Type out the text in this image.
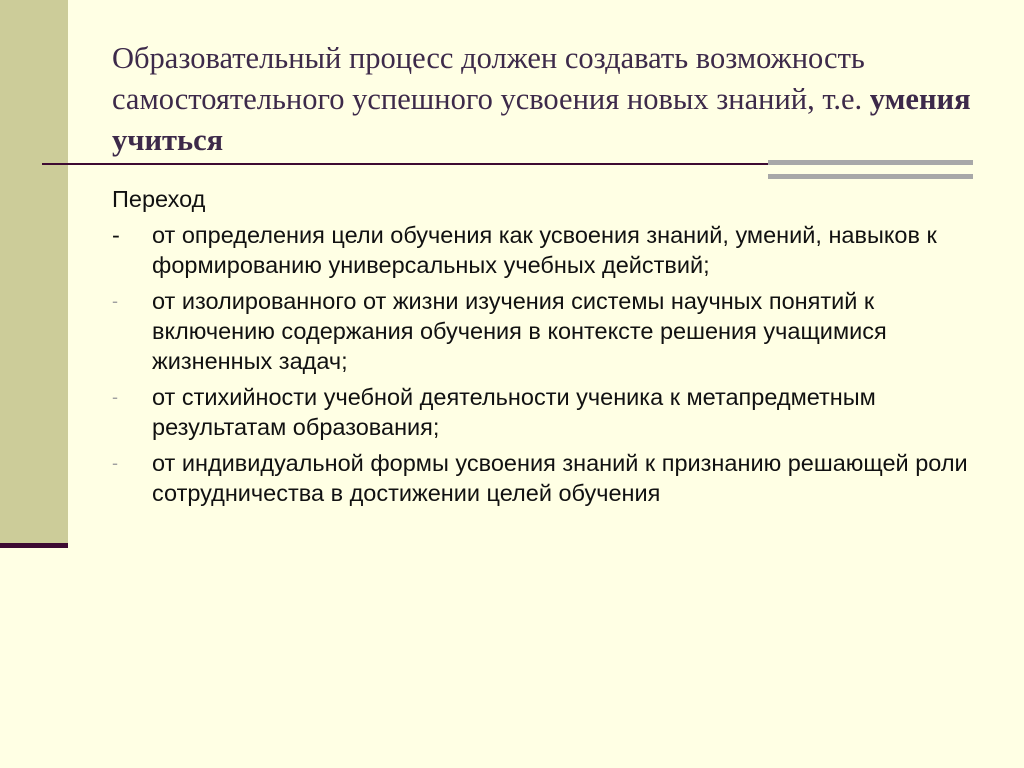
Образовательный процесс должен создавать возможность самостоятельного успешного усвоения новых знаний, т.е. умения учиться

Переход

- от определения цели обучения как усвоения знаний, умений, навыков к формированию универсальных учебных действий;
- от изолированного от жизни изучения системы научных понятий к включению содержания обучения в контексте решения учащимися жизненных задач;
- от стихийности учебной деятельности ученика к метапредметным результатам образования;
- от индивидуальной формы усвоения знаний к признанию решающей роли сотрудничества в достижении целей обучения
